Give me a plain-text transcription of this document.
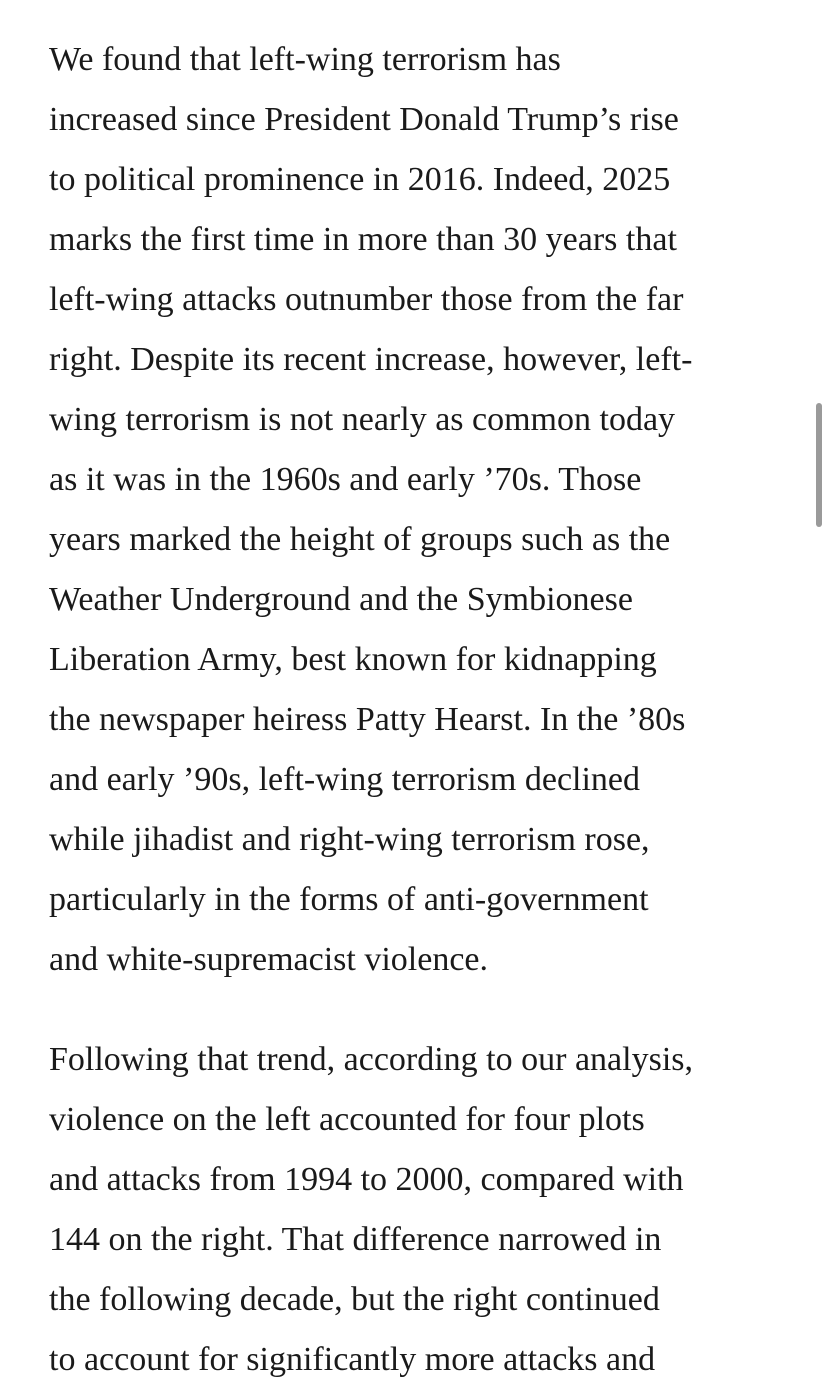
We found that left-wing terrorism has
increased since President Donald Trump’s rise
to political prominence in 2016. Indeed, 2025
marks the first time in more than 30 years that
left-wing attacks outnumber those from the far
right. Despite its recent increase, however, left-
wing terrorism is not nearly as common today
as it was in the 1960s and early ’70s. Those
years marked the height of groups such as the
Weather Underground and the Symbionese
Liberation Army, best known for kidnapping
the newspaper heiress Patty Hearst. In the ’80s
and early ’90s, left-wing terrorism declined
while jihadist and right-wing terrorism rose,
particularly in the forms of anti-government
and white-supremacist violence.

Following that trend, according to our analysis,
violence on the left accounted for four plots
and attacks from 1994 to 2000, compared with
144 on the right. That difference narrowed in
the following decade, but the right continued
to account for significantly more attacks and
